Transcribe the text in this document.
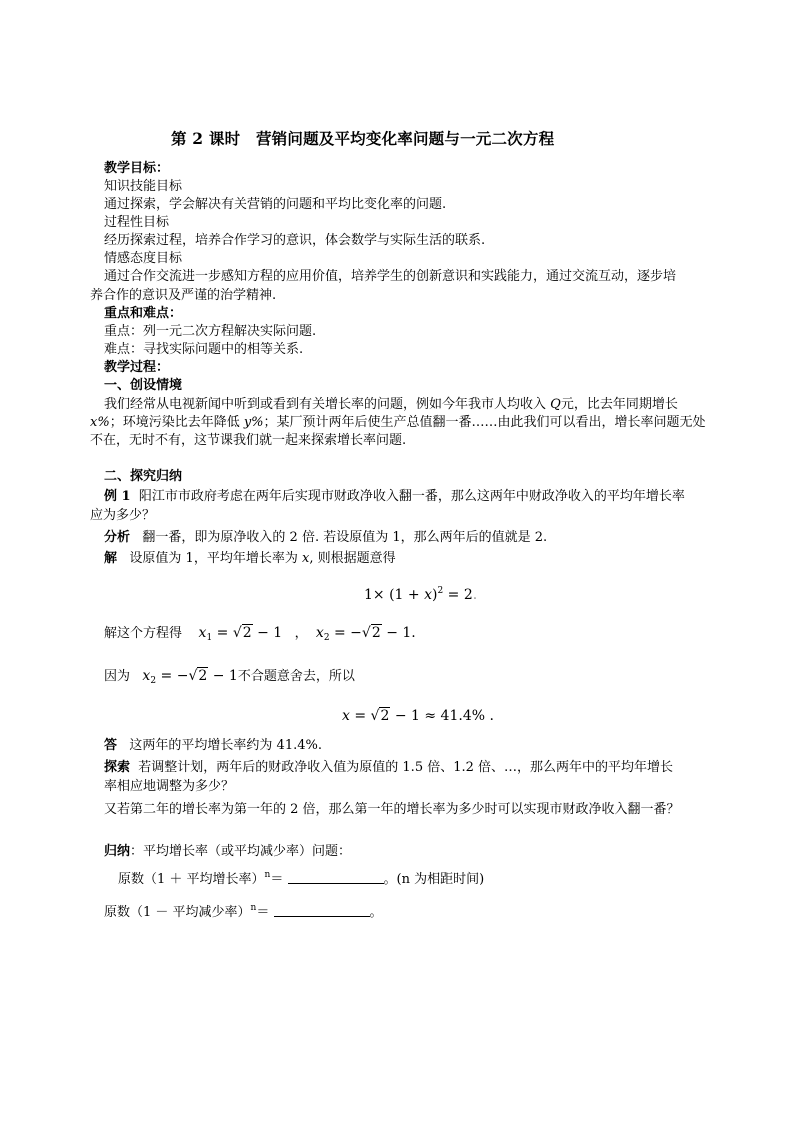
第 2 课时　营销问题及平均变化率问题与一元二次方程
教学目标：
知识技能目标
通过探索，学会解决有关营销的问题和平均比变化率的问题.
过程性目标
经历探索过程，培养合作学习的意识，体会数学与实际生活的联系.
情感态度目标
通过合作交流进一步感知方程的应用价值，培养学生的创新意识和实践能力，通过交流互动，逐步培
养合作的意识及严谨的治学精神.
重点和难点：
重点：列一元二次方程解决实际问题.
难点：寻找实际问题中的相等关系.
教学过程：
一、创设情境
我们经常从电视新闻中听到或看到有关增长率的问题，例如今年我市人均收入 Q元，比去年同期增长
x%；环境污染比去年降低 y%；某厂预计两年后使生产总值翻一番……由此我们可以看出，增长率问题无处
不在，无时不有，这节课我们就一起来探索增长率问题.
二、探究归纳
例 1 阳江市市政府考虑在两年后实现市财政净收入翻一番，那么这两年中财政净收入的平均年增长率
应为多少？
分析 翻一番，即为原净收入的 2 倍. 若设原值为 1，那么两年后的值就是 2.
解 设原值为 1，平均年增长率为 x, 则根据题意得
$1\times (1 + x)^2 = 2$.
解这个方程得 $x_1 = √2 - 1$ ， $x_2 = -√2 - 1$.
因为 $x_2 = -√2 - 1$不合题意舍去，所以
x = √2 − 1 ≈ 41.4% .
答 这两年的平均增长率约为 41.4%.
探索 若调整计划，两年后的财政净收入值为原值的 1.5 倍、1.2 倍、…，那么两年中的平均年增长
率相应地调整为多少？
又若第二年的增长率为第一年的 2 倍，那么第一年的增长率为多少时可以实现市财政净收入翻一番？
归纳：平均增长率（或平均减少率）问题：
原数（1 ＋ 平均增长率）$^n$＝	。(n 为相距时间)
原数（1 － 平均减少率）$^n$＝	。
